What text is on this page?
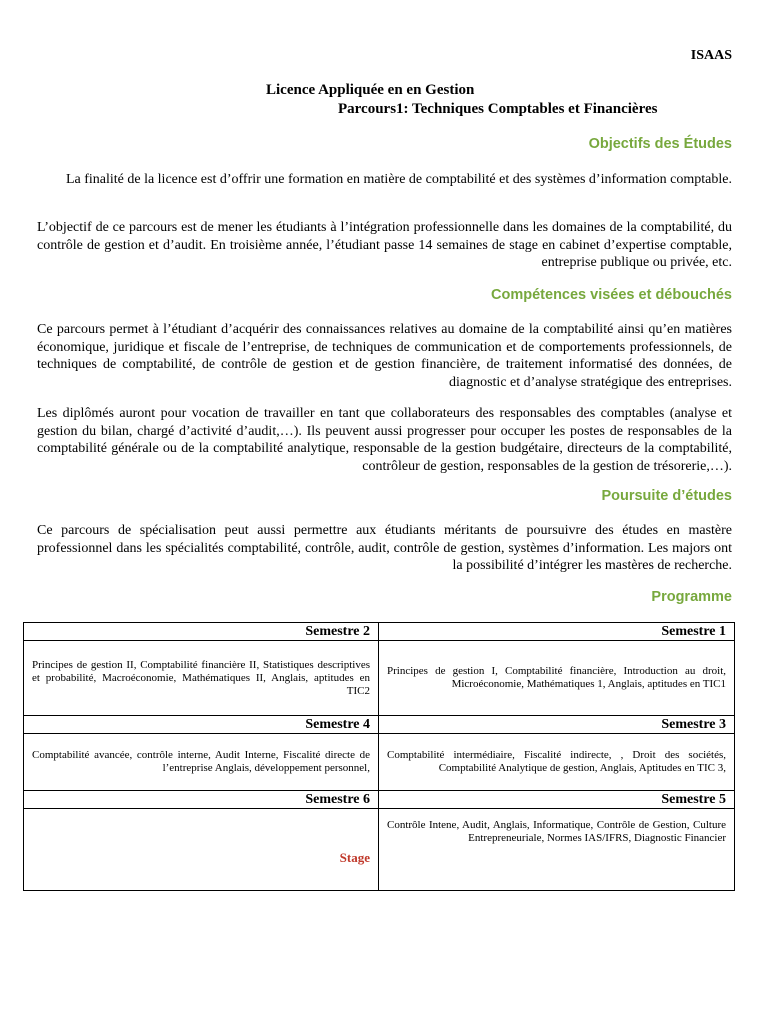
ISAAS
Licence Appliquée en en Gestion
Parcours1: Techniques Comptables et Financières
Objectifs des Études
La finalité de la licence est d’offrir une formation en matière de comptabilité et des systèmes d’information comptable.
L’objectif de ce parcours est de mener les étudiants à l’intégration professionnelle dans les domaines de la comptabilité, du contrôle de gestion et d’audit. En troisième année, l’étudiant passe 14 semaines de stage en cabinet d’expertise comptable, entreprise publique ou privée, etc.
Compétences visées et débouchés
Ce parcours permet à l’étudiant d’acquérir des connaissances relatives au domaine de la comptabilité ainsi qu’en matières économique, juridique et fiscale de l’entreprise, de techniques de communication et de comportements professionnels, de techniques de comptabilité, de contrôle de gestion et de gestion financière, de traitement informatisé des données, de diagnostic et d’analyse stratégique des entreprises.
Les diplômés auront pour vocation de travailler en tant que collaborateurs des responsables des comptables (analyse et gestion du bilan, chargé d’activité d’audit,…). Ils peuvent aussi progresser pour occuper les postes de responsables de la comptabilité générale ou de la comptabilité analytique, responsable de la gestion budgétaire, directeurs de la comptabilité, contrôleur de gestion, responsables de la gestion de trésorerie,…).
Poursuite d’études
Ce parcours de spécialisation peut aussi permettre aux étudiants méritants de poursuivre des études en mastère professionnel dans les spécialités comptabilité, contrôle, audit, contrôle de gestion, systèmes d’information. Les majors ont la possibilité d’intégrer les mastères de recherche.
Programme
Semestre 2	Semestre 1
Principes de gestion II, Comptabilité financière II, Statistiques descriptives et probabilité, Macroéconomie, Mathématiques II, Anglais, aptitudes en TIC2	Principes de gestion I, Comptabilité financière, Introduction au droit, Microéconomie, Mathématiques 1, Anglais, aptitudes en TIC1
Semestre 4	Semestre 3
Comptabilité avancée, contrôle interne, Audit Interne, Fiscalité directe de l’entreprise Anglais, développement personnel,	Comptabilité intermédiaire, Fiscalité indirecte, , Droit des sociétés, Comptabilité Analytique de gestion, Anglais, Aptitudes en TIC 3,
Semestre 6	Semestre 5
Stage	Contrôle Intene, Audit, Anglais, Informatique, Contrôle de Gestion, Culture Entrepreneuriale, Normes IAS/IFRS, Diagnostic Financier
